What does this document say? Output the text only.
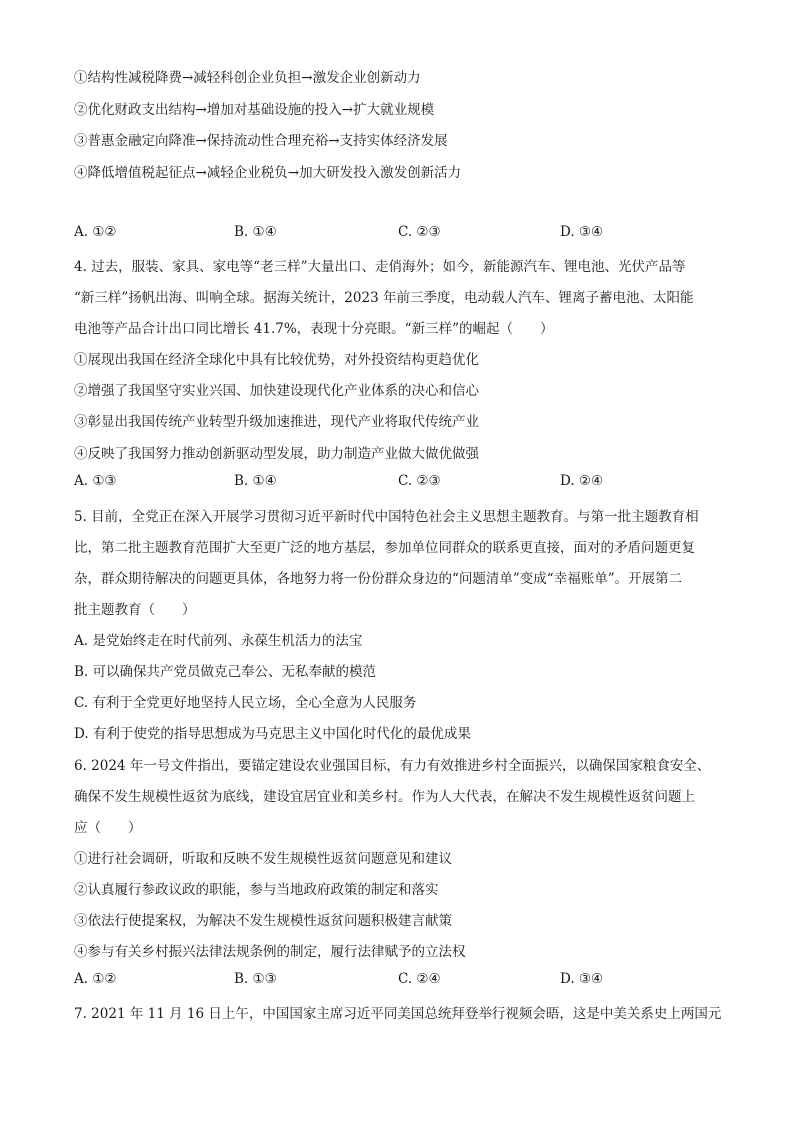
①结构性减税降费→减轻科创企业负担→激发企业创新动力
②优化财政支出结构→增加对基础设施的投入→扩大就业规模
③普惠金融定向降准→保持流动性合理充裕→支持实体经济发展
④降低增值税起征点→减轻企业税负→加大研发投入激发创新活力
A. ①②	B. ①④	C. ②③	D. ③④
4. 过去，服装、家具、家电等“老三样”大量出口、走俏海外；如今，新能源汽车、锂电池、光伏产品等
“新三样”扬帆出海、叫响全球。据海关统计，2023 年前三季度，电动载人汽车、锂离子蓄电池、太阳能
电池等产品合计出口同比增长 41.7%，表现十分亮眼。“新三样”的崛起（　　）
①展现出我国在经济全球化中具有比较优势，对外投资结构更趋优化
②增强了我国坚守实业兴国、加快建设现代化产业体系的决心和信心
③彰显出我国传统产业转型升级加速推进，现代产业将取代传统产业
④反映了我国努力推动创新驱动型发展，助力制造产业做大做优做强
A. ①③	B. ①④	C. ②③	D. ②④
5. 目前，全党正在深入开展学习贯彻习近平新时代中国特色社会主义思想主题教育。与第一批主题教育相
比，第二批主题教育范围扩大至更广泛的地方基层，参加单位同群众的联系更直接，面对的矛盾问题更复
杂，群众期待解决的问题更具体，各地努力将一份份群众身边的“问题清单”变成“幸福账单”。开展第二
批主题教育（　　）
A. 是党始终走在时代前列、永葆生机活力的法宝
B. 可以确保共产党员做克己奉公、无私奉献的模范
C. 有利于全党更好地坚持人民立场，全心全意为人民服务
D. 有利于使党的指导思想成为马克思主义中国化时代化的最优成果
6. 2024 年一号文件指出，要锚定建设农业强国目标，有力有效推进乡村全面振兴，以确保国家粮食安全、
确保不发生规模性返贫为底线，建设宜居宜业和美乡村。作为人大代表，在解决不发生规模性返贫问题上
应（　　）
①进行社会调研，听取和反映不发生规模性返贫问题意见和建议
②认真履行参政议政的职能，参与当地政府政策的制定和落实
③依法行使提案权，为解决不发生规模性返贫问题积极建言献策
④参与有关乡村振兴法律法规条例的制定，履行法律赋予的立法权
A. ①②	B. ①③	C. ②④	D. ③④
7. 2021 年 11 月 16 日上午，中国国家主席习近平同美国总统拜登举行视频会晤，这是中美关系史上两国元
